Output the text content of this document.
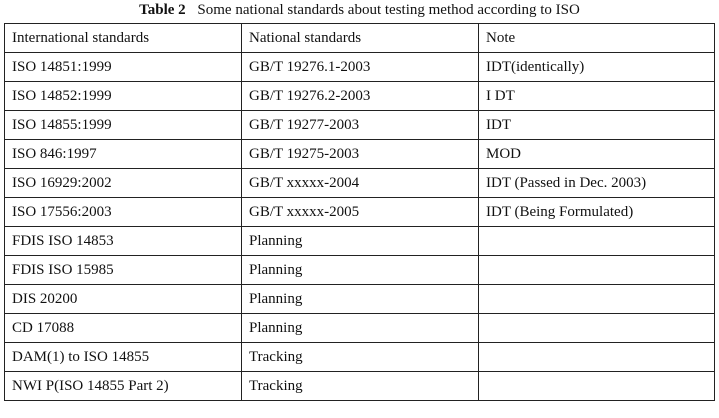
Table 2 Some national standards about testing method according to ISO
International standards	National standards	Note
ISO 14851:1999	GB/T 19276.1-2003	IDT(identically)
ISO 14852:1999	GB/T 19276.2-2003	I DT
ISO 14855:1999	GB/T 19277-2003	IDT
ISO 846:1997	GB/T 19275-2003	MOD
ISO 16929:2002	GB/T xxxxx-2004	IDT (Passed in Dec. 2003)
ISO 17556:2003	GB/T xxxxx-2005	IDT (Being Formulated)
FDIS ISO 14853	Planning	
FDIS ISO 15985	Planning	
DIS 20200	Planning	
CD 17088	Planning	
DAM(1) to ISO 14855	Tracking	
NWI P(ISO 14855 Part 2)	Tracking	
